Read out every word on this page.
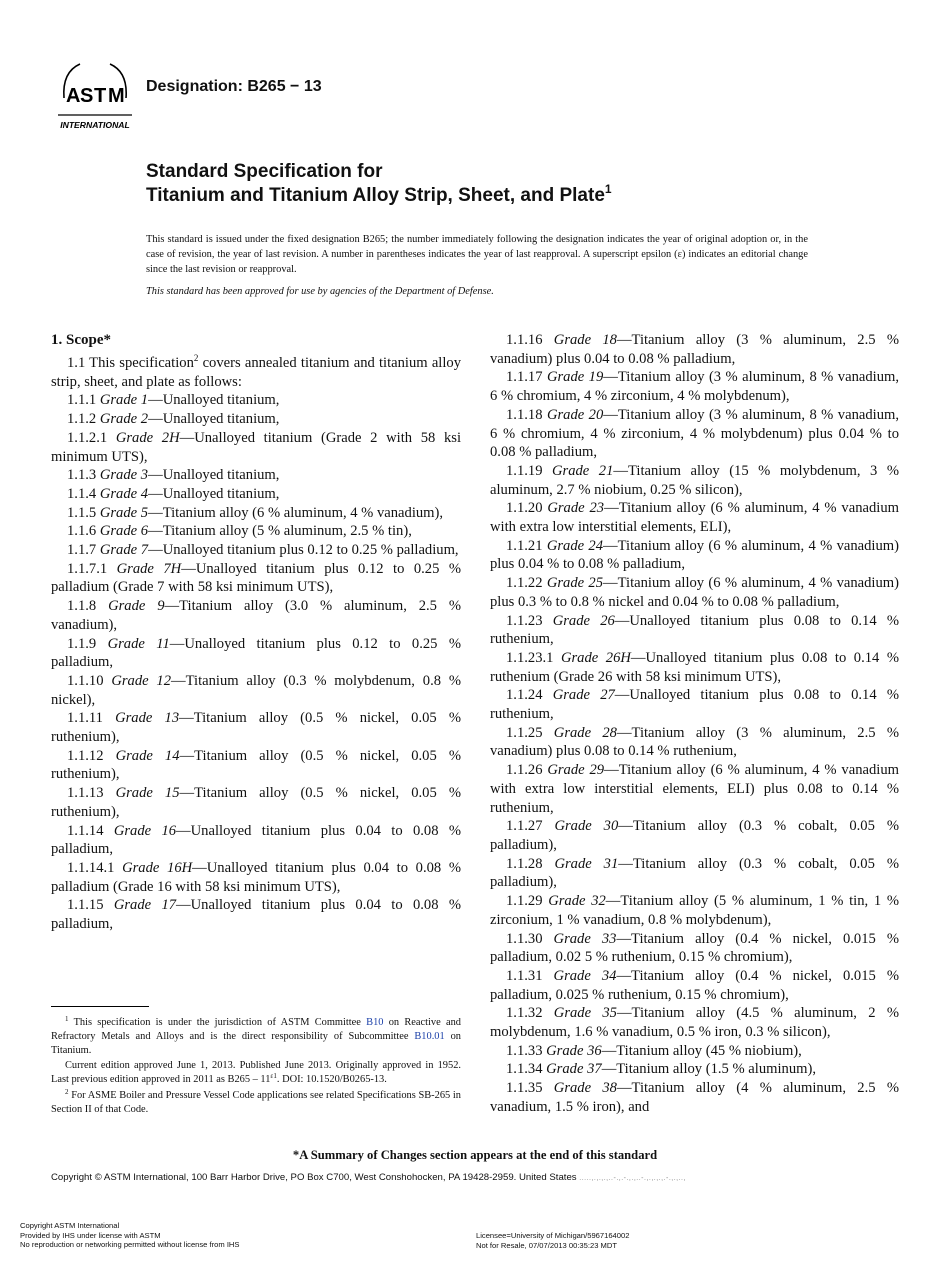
A S T M
INTERNATIONAL
Designation: B265 − 13
Standard Specification for
Titanium and Titanium Alloy Strip, Sheet, and Plate$^1$
This standard is issued under the fixed designation B265; the number immediately following the designation indicates the year of original adoption or, in the case of revision, the year of last revision. A number in parentheses indicates the year of last reapproval. A superscript epsilon (ε) indicates an editorial change since the last revision or reapproval.
This standard has been approved for use by agencies of the Department of Defense.

1. Scope*

1.1 This specification$^2$ covers annealed titanium and titanium alloy strip, sheet, and plate as follows:

1.1.1 Grade 1—Unalloyed titanium,

1.1.2 Grade 2—Unalloyed titanium,

1.1.2.1 Grade 2H—Unalloyed titanium (Grade 2 with 58 ksi minimum UTS),

1.1.3 Grade 3—Unalloyed titanium,

1.1.4 Grade 4—Unalloyed titanium,

1.1.5 Grade 5—Titanium alloy (6 % aluminum, 4 % vanadium),

1.1.6 Grade 6—Titanium alloy (5 % aluminum, 2.5 % tin),

1.1.7 Grade 7—Unalloyed titanium plus 0.12 to 0.25 % palladium,

1.1.7.1 Grade 7H—Unalloyed titanium plus 0.12 to 0.25 % palladium (Grade 7 with 58 ksi minimum UTS),

1.1.8 Grade 9—Titanium alloy (3.0 % aluminum, 2.5 % vanadium),

1.1.9 Grade 11—Unalloyed titanium plus 0.12 to 0.25 % palladium,

1.1.10 Grade 12—Titanium alloy (0.3 % molybdenum, 0.8 % nickel),

1.1.11 Grade 13—Titanium alloy (0.5 % nickel, 0.05 % ruthenium),

1.1.12 Grade 14—Titanium alloy (0.5 % nickel, 0.05 % ruthenium),

1.1.13 Grade 15—Titanium alloy (0.5 % nickel, 0.05 % ruthenium),

1.1.14 Grade 16—Unalloyed titanium plus 0.04 to 0.08 % palladium,

1.1.14.1 Grade 16H—Unalloyed titanium plus 0.04 to 0.08 % palladium (Grade 16 with 58 ksi minimum UTS),

1.1.15 Grade 17—Unalloyed titanium plus 0.04 to 0.08 % palladium,

1.1.16 Grade 18—Titanium alloy (3 % aluminum, 2.5 % vanadium) plus 0.04 to 0.08 % palladium,

1.1.17 Grade 19—Titanium alloy (3 % aluminum, 8 % vanadium, 6 % chromium, 4 % zirconium, 4 % molybdenum),

1.1.18 Grade 20—Titanium alloy (3 % aluminum, 8 % vanadium, 6 % chromium, 4 % zirconium, 4 % molybdenum) plus 0.04 % to 0.08 % palladium,

1.1.19 Grade 21—Titanium alloy (15 % molybdenum, 3 % aluminum, 2.7 % niobium, 0.25 % silicon),

1.1.20 Grade 23—Titanium alloy (6 % aluminum, 4 % vanadium with extra low interstitial elements, ELI),

1.1.21 Grade 24—Titanium alloy (6 % aluminum, 4 % vanadium) plus 0.04 % to 0.08 % palladium,

1.1.22 Grade 25—Titanium alloy (6 % aluminum, 4 % vanadium) plus 0.3 % to 0.8 % nickel and 0.04 % to 0.08 % palladium,

1.1.23 Grade 26—Unalloyed titanium plus 0.08 to 0.14 % ruthenium,

1.1.23.1 Grade 26H—Unalloyed titanium plus 0.08 to 0.14 % ruthenium (Grade 26 with 58 ksi minimum UTS),

1.1.24 Grade 27—Unalloyed titanium plus 0.08 to 0.14 % ruthenium,

1.1.25 Grade 28—Titanium alloy (3 % aluminum, 2.5 % vanadium) plus 0.08 to 0.14 % ruthenium,

1.1.26 Grade 29—Titanium alloy (6 % aluminum, 4 % vanadium with extra low interstitial elements, ELI) plus 0.08 to 0.14 % ruthenium,

1.1.27 Grade 30—Titanium alloy (0.3 % cobalt, 0.05 % palladium),

1.1.28 Grade 31—Titanium alloy (0.3 % cobalt, 0.05 % palladium),

1.1.29 Grade 32—Titanium alloy (5 % aluminum, 1 % tin, 1 % zirconium, 1 % vanadium, 0.8 % molybdenum),

1.1.30 Grade 33—Titanium alloy (0.4 % nickel, 0.015 % palladium, 0.02 5 % ruthenium, 0.15 % chromium),

1.1.31 Grade 34—Titanium alloy (0.4 % nickel, 0.015 % palladium, 0.025 % ruthenium, 0.15 % chromium),

1.1.32 Grade 35—Titanium alloy (4.5 % aluminum, 2 % molybdenum, 1.6 % vanadium, 0.5 % iron, 0.3 % silicon),

1.1.33 Grade 36—Titanium alloy (45 % niobium),

1.1.34 Grade 37—Titanium alloy (1.5 % aluminum),

1.1.35 Grade 38—Titanium alloy (4 % aluminum, 2.5 % vanadium, 1.5 % iron), and

$^1$ This specification is under the jurisdiction of ASTM Committee B10 on Reactive and Refractory Metals and Alloys and is the direct responsibility of Subcommittee B10.01 on Titanium.

Current edition approved June 1, 2013. Published June 2013. Originally approved in 1952. Last previous edition approved in 2011 as $B265 - 11^{\varepsilon 1}$. DOI: 10.1520/B0265-13.

$^2$ For ASME Boiler and Pressure Vessel Code applications see related Specifications SB-265 in Section II of that Code.

*A Summary of Changes section appears at the end of this standard
Copyright © ASTM International, 100 Barr Harbor Drive, PO Box C700, West Conshohocken, PA 19428-2959. United States .....,.,.,.,..-.,.-.,.,..-.,.,.,.,.-.,.,..,
Copyright ASTM International
Provided by IHS under license with ASTM
No reproduction or networking permitted without license from IHS
Licensee=University of Michigan/5967164002
Not for Resale, 07/07/2013 00:35:23 MDT
